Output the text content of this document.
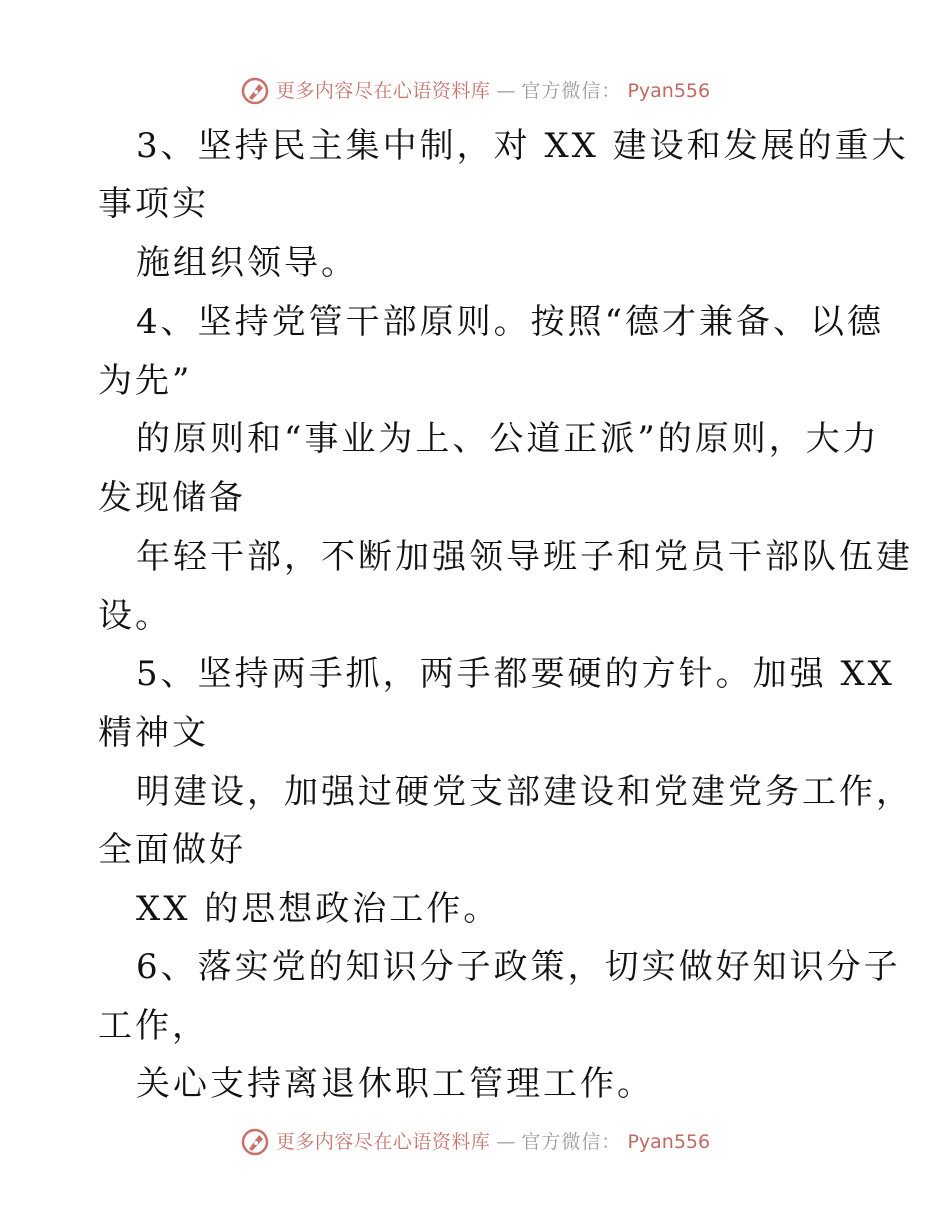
更多内容尽在心语资料库 — 官方微信： Pyan556

3、坚持民主集中制，对 XX 建设和发展的重大

事项实

施组织领导。

4、坚持党管干部原则。按照“德才兼备、以德

为先”

的原则和“事业为上、公道正派”的原则，大力

发现储备

年轻干部，不断加强领导班子和党员干部队伍建

设。

5、坚持两手抓，两手都要硬的方针。加强 XX

精神文

明建设，加强过硬党支部建设和党建党务工作，

全面做好

XX 的思想政治工作。

6、落实党的知识分子政策，切实做好知识分子

工作，

关心支持离退休职工管理工作。

更多内容尽在心语资料库 — 官方微信： Pyan556
